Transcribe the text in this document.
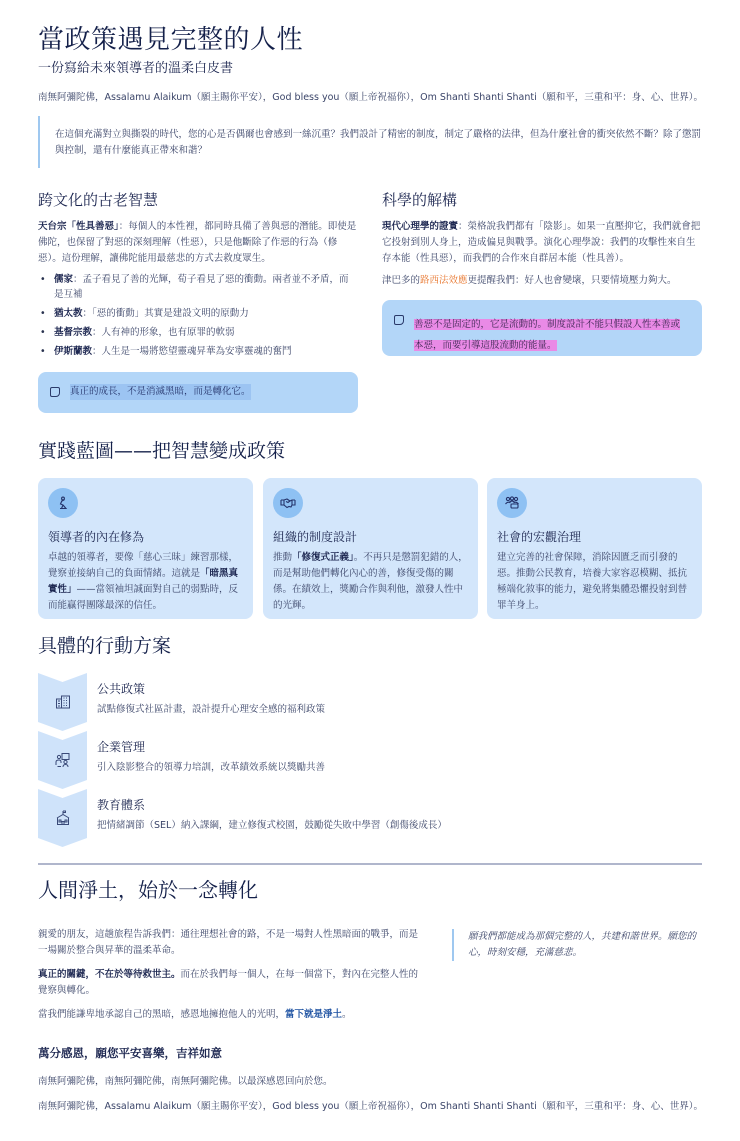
當政策遇見完整的人性
一份寫給未來領導者的溫柔白皮書
南無阿彌陀佛，Assalamu Alaikum（願主賜你平安），God bless you（願上帝祝福你），Om Shanti Shanti Shanti（願和平，三重和平：身、心、世界）。
在這個充滿對立與撕裂的時代，您的心是否偶爾也會感到一絲沉重？我們設計了精密的制度，制定了嚴格的法律，但為什麼社會的衝突依然不斷？除了懲罰與控制，還有什麼能真正帶來和諧？
跨文化的古老智慧
天台宗「性具善惡」：每個人的本性裡，都同時具備了善與惡的潛能。即使是佛陀，也保留了對惡的深刻理解（性惡），只是他斷除了作惡的行為（修惡）。這份理解，讓佛陀能用最慈悲的方式去救度眾生。
• 儒家：孟子看見了善的光輝，荀子看見了惡的衝動。兩者並不矛盾，而是互補
• 猶太教：「惡的衝動」其實是建設文明的原動力
• 基督宗教：人有神的形象，也有原罪的軟弱
• 伊斯蘭教：人生是一場將慾望靈魂昇華為安寧靈魂的奮鬥
真正的成長，不是消滅黑暗，而是轉化它。
科學的解構
現代心理學的證實：榮格說我們都有「陰影」。如果一直壓抑它，我們就會把它投射到別人身上，造成偏見與戰爭。演化心理學說：我們的攻擊性來自生存本能（性具惡），而我們的合作來自群居本能（性具善）。
津巴多的路西法效應更提醒我們：好人也會變壞，只要情境壓力夠大。
善惡不是固定的，它是流動的。制度設計不能只假設人性本善或本惡，而要引導這股流動的能量。
實踐藍圖——把智慧變成政策
領導者的內在修為
卓越的領導者，要像「慈心三昧」練習那樣，覺察並接納自己的負面情緒。這就是「暗黑真實性」——當領袖坦誠面對自己的弱點時，反而能贏得團隊最深的信任。
組織的制度設計
推動「修復式正義」。不再只是懲罰犯錯的人，而是幫助他們轉化內心的善，修復受傷的關係。在績效上，獎勵合作與利他，激發人性中的光輝。
社會的宏觀治理
建立完善的社會保障，消除因匱乏而引發的惡。推動公民教育，培養大家容忍模糊、抵抗極端化敘事的能力，避免將集體恐懼投射到替罪羊身上。
具體的行動方案
公共政策
試點修復式社區計畫，設計提升心理安全感的福利政策
企業管理
引入陰影整合的領導力培訓，改革績效系統以獎勵共善
教育體系
把情緒調節（SEL）納入課綱，建立修復式校園，鼓勵從失敗中學習（創傷後成長）
人間淨土，始於一念轉化
親愛的朋友，這趟旅程告訴我們：通往理想社會的路，不是一場對人性黑暗面的戰爭，而是一場關於整合與昇華的溫柔革命。
真正的關鍵，不在於等待救世主。而在於我們每一個人，在每一個當下，對內在完整人性的覺察與轉化。
當我們能謙卑地承認自己的黑暗，感恩地擁抱他人的光明，當下就是淨土。
願我們都能成為那個完整的人，共建和諧世界。願您的心，時刻安穩，充滿慈悲。
萬分感恩，願您平安喜樂，吉祥如意
南無阿彌陀佛，南無阿彌陀佛，南無阿彌陀佛。以最深感恩回向於您。
南無阿彌陀佛，Assalamu Alaikum（願主賜你平安），God bless you（願上帝祝福你），Om Shanti Shanti Shanti（願和平，三重和平：身、心、世界）。
